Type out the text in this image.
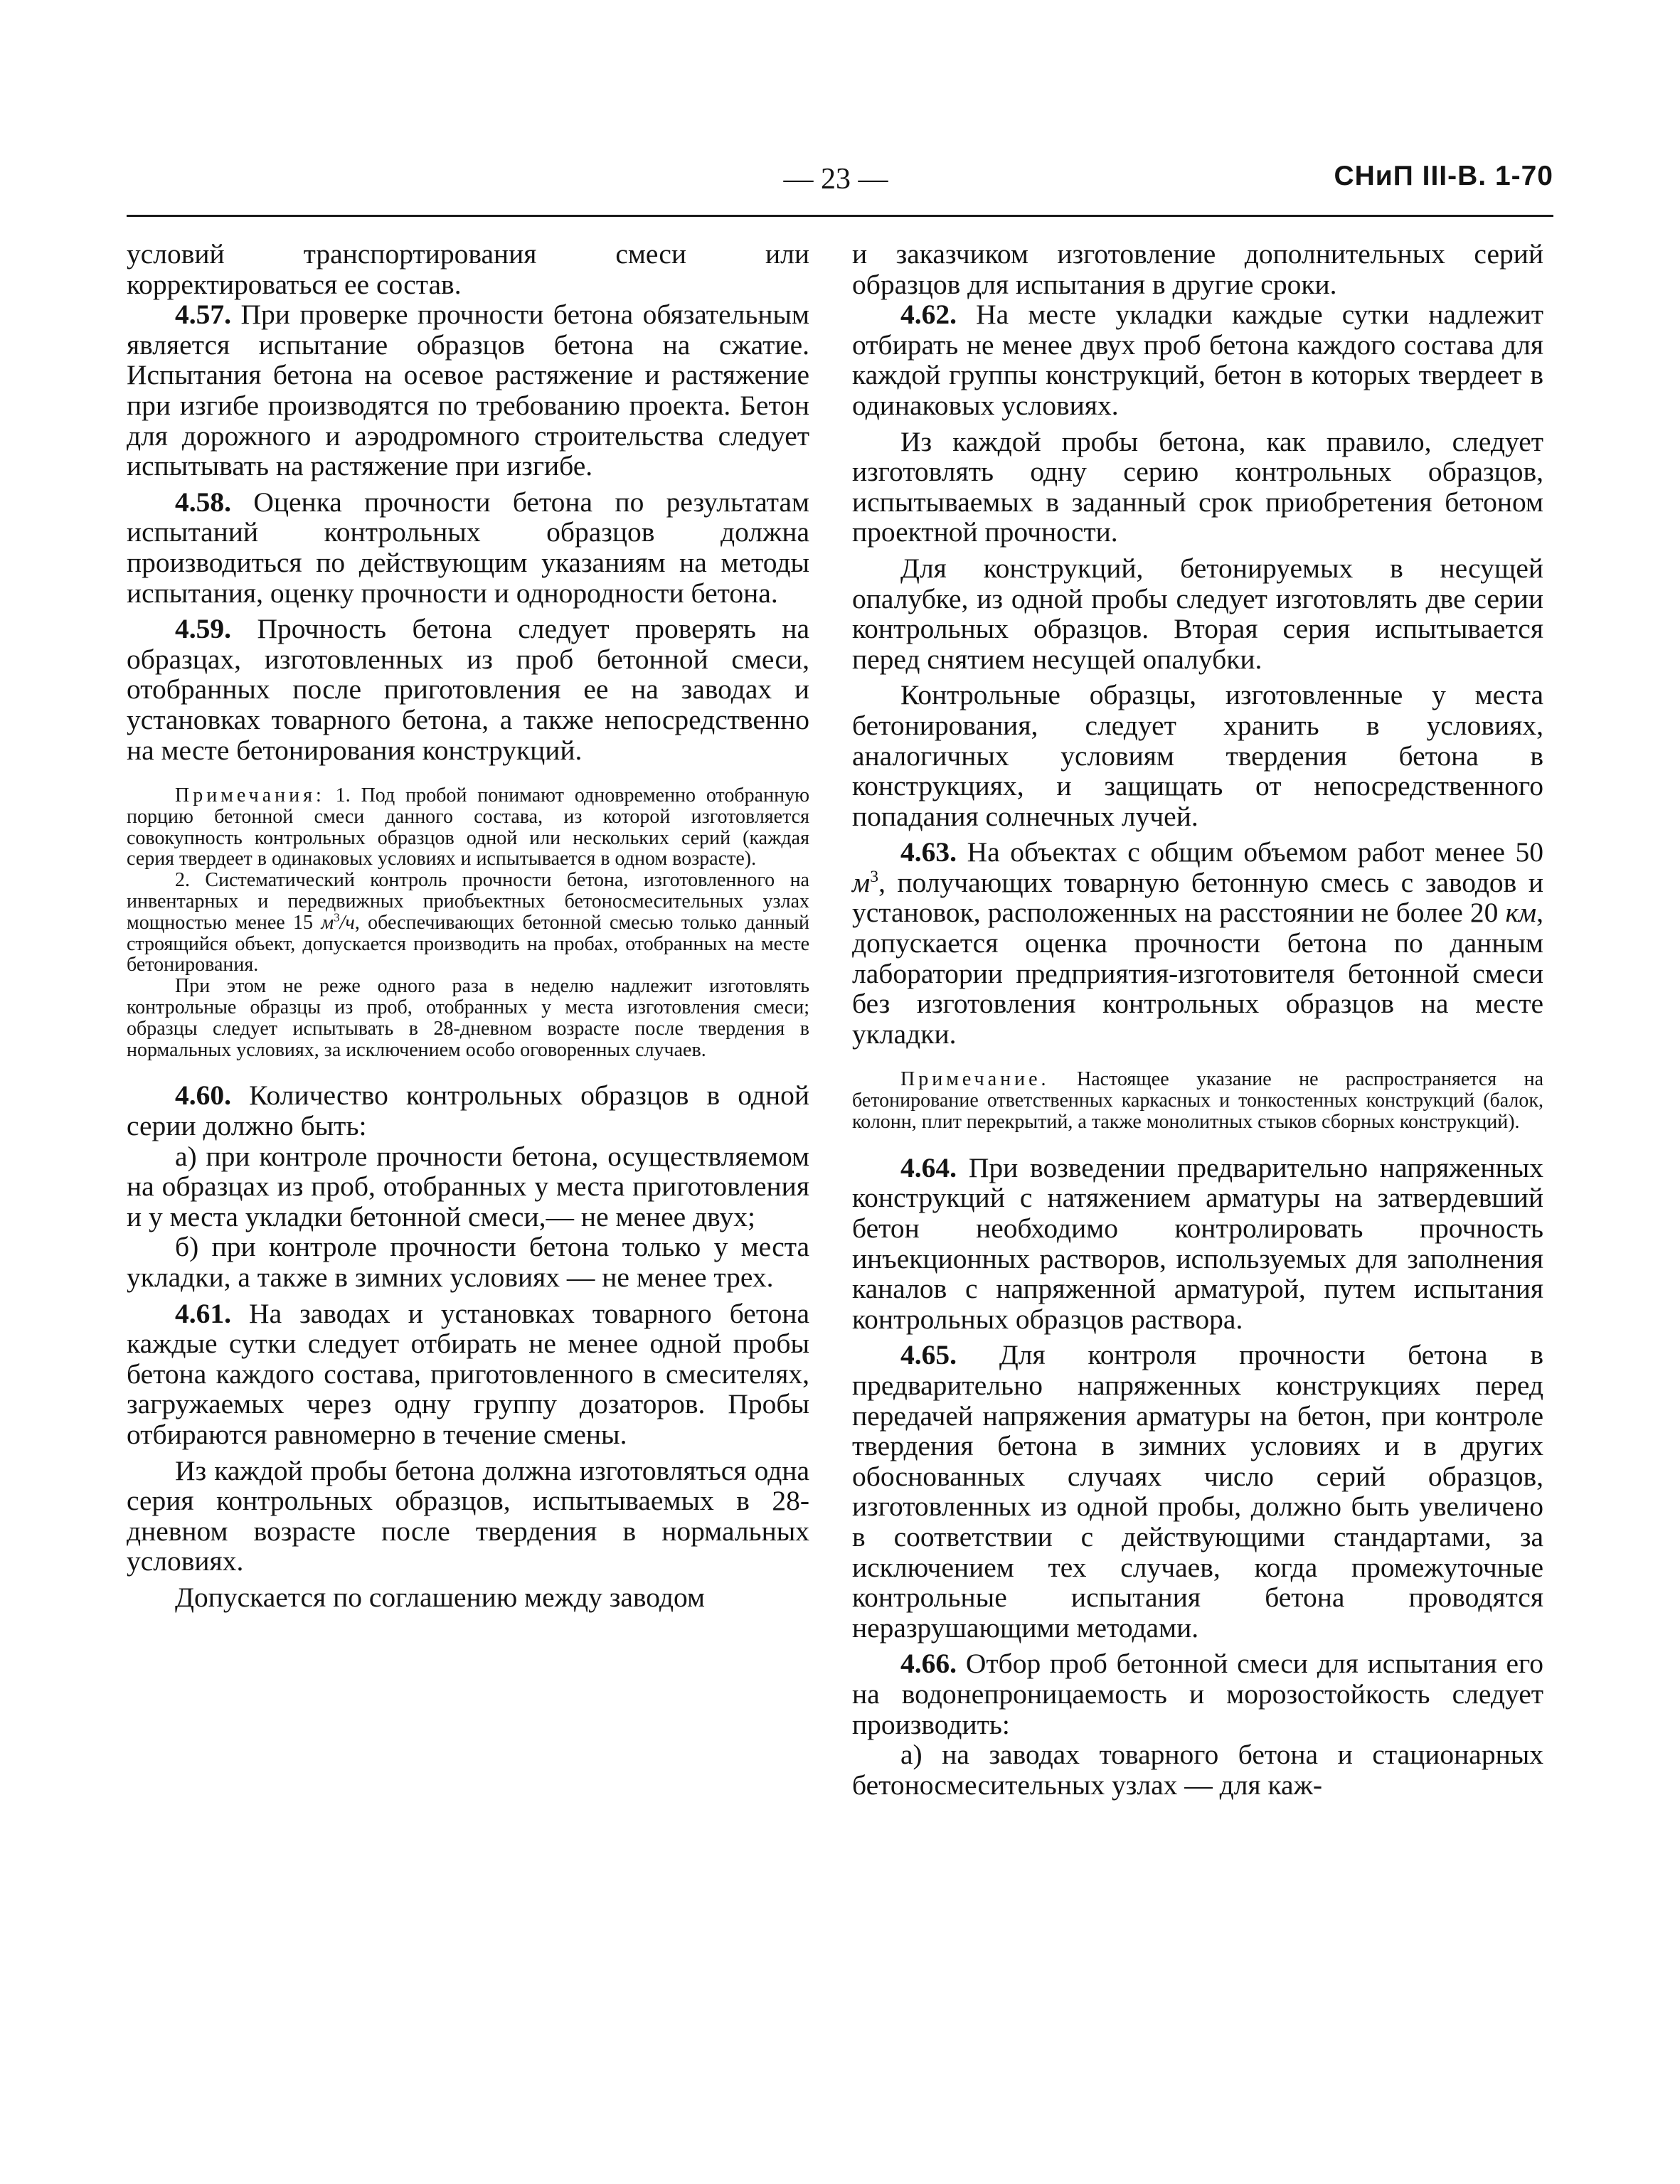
— 23 —	СНиП III-В. 1-70

условий транспортирования смеси или корректироваться ее состав.

4.57. При проверке прочности бетона обязательным является испытание образцов бетона на сжатие. Испытания бетона на осевое растяжение и растяжение при изгибе производятся по требованию проекта. Бетон для дорожного и аэродромного строительства следует испытывать на растяжение при изгибе.

4.58. Оценка прочности бетона по результатам испытаний контрольных образцов должна производиться по действующим указаниям на методы испытания, оценку прочности и однородности бетона.

4.59. Прочность бетона следует проверять на образцах, изготовленных из проб бетонной смеси, отобранных после приготовления ее на заводах и установках товарного бетона, а также непосредственно на месте бетонирования конструкций.

Примечания: 1. Под пробой понимают одновременно отобранную порцию бетонной смеси данного состава, из которой изготовляется совокупность контрольных образцов одной или нескольких серий (каждая серия твердеет в одинаковых условиях и испытывается в одном возрасте).

2. Систематический контроль прочности бетона, изготовленного на инвентарных и передвижных приобъектных бетоносмесительных узлах мощностью менее 15 $м^3/ч$, обеспечивающих бетонной смесью только данный строящийся объект, допускается производить на пробах, отобранных на месте бетонирования.

При этом не реже одного раза в неделю надлежит изготовлять контрольные образцы из проб, отобранных у места изготовления смеси; образцы следует испытывать в 28-дневном возрасте после твердения в нормальных условиях, за исключением особо оговоренных случаев.

4.60. Количество контрольных образцов в одной серии должно быть:

а) при контроле прочности бетона, осуществляемом на образцах из проб, отобранных у места приготовления и у места укладки бетонной смеси,— не менее двух;

б) при контроле прочности бетона только у места укладки, а также в зимних условиях — не менее трех.

4.61. На заводах и установках товарного бетона каждые сутки следует отбирать не менее одной пробы бетона каждого состава, приготовленного в смесителях, загружаемых через одну группу дозаторов. Пробы отбираются равномерно в течение смены.

Из каждой пробы бетона должна изготовляться одна серия контрольных образцов, испытываемых в 28-дневном возрасте после твердения в нормальных условиях.

Допускается по соглашению между заводом

и заказчиком изготовление дополнительных серий образцов для испытания в другие сроки.

4.62. На месте укладки каждые сутки надлежит отбирать не менее двух проб бетона каждого состава для каждой группы конструкций, бетон в которых твердеет в одинаковых условиях.

Из каждой пробы бетона, как правило, следует изготовлять одну серию контрольных образцов, испытываемых в заданный срок приобретения бетоном проектной прочности.

Для конструкций, бетонируемых в несущей опалубке, из одной пробы следует изготовлять две серии контрольных образцов. Вторая серия испытывается перед снятием несущей опалубки.

Контрольные образцы, изготовленные у места бетонирования, следует хранить в условиях, аналогичных условиям твердения бетона в конструкциях, и защищать от непосредственного попадания солнечных лучей.

4.63. На объектах с общим объемом работ менее 50 $м^3$, получающих товарную бетонную смесь с заводов и установок, расположенных на расстоянии не более 20 км, допускается оценка прочности бетона по данным лаборатории предприятия-изготовителя бетонной смеси без изготовления контрольных образцов на месте укладки.

Примечание. Настоящее указание не распространяется на бетонирование ответственных каркасных и тонкостенных конструкций (балок, колонн, плит перекрытий, а также монолитных стыков сборных конструкций).

4.64. При возведении предварительно напряженных конструкций с натяжением арматуры на затвердевший бетон необходимо контролировать прочность инъекционных растворов, используемых для заполнения каналов с напряженной арматурой, путем испытания контрольных образцов раствора.

4.65. Для контроля прочности бетона в предварительно напряженных конструкциях перед передачей напряжения арматуры на бетон, при контроле твердения бетона в зимних условиях и в других обоснованных случаях число серий образцов, изготовленных из одной пробы, должно быть увеличено в соответствии с действующими стандартами, за исключением тех случаев, когда промежуточные контрольные испытания бетона проводятся неразрушающими методами.

4.66. Отбор проб бетонной смеси для испытания его на водонепроницаемость и морозостойкость следует производить:

а) на заводах товарного бетона и стационарных бетоносмесительных узлах — для каж-
